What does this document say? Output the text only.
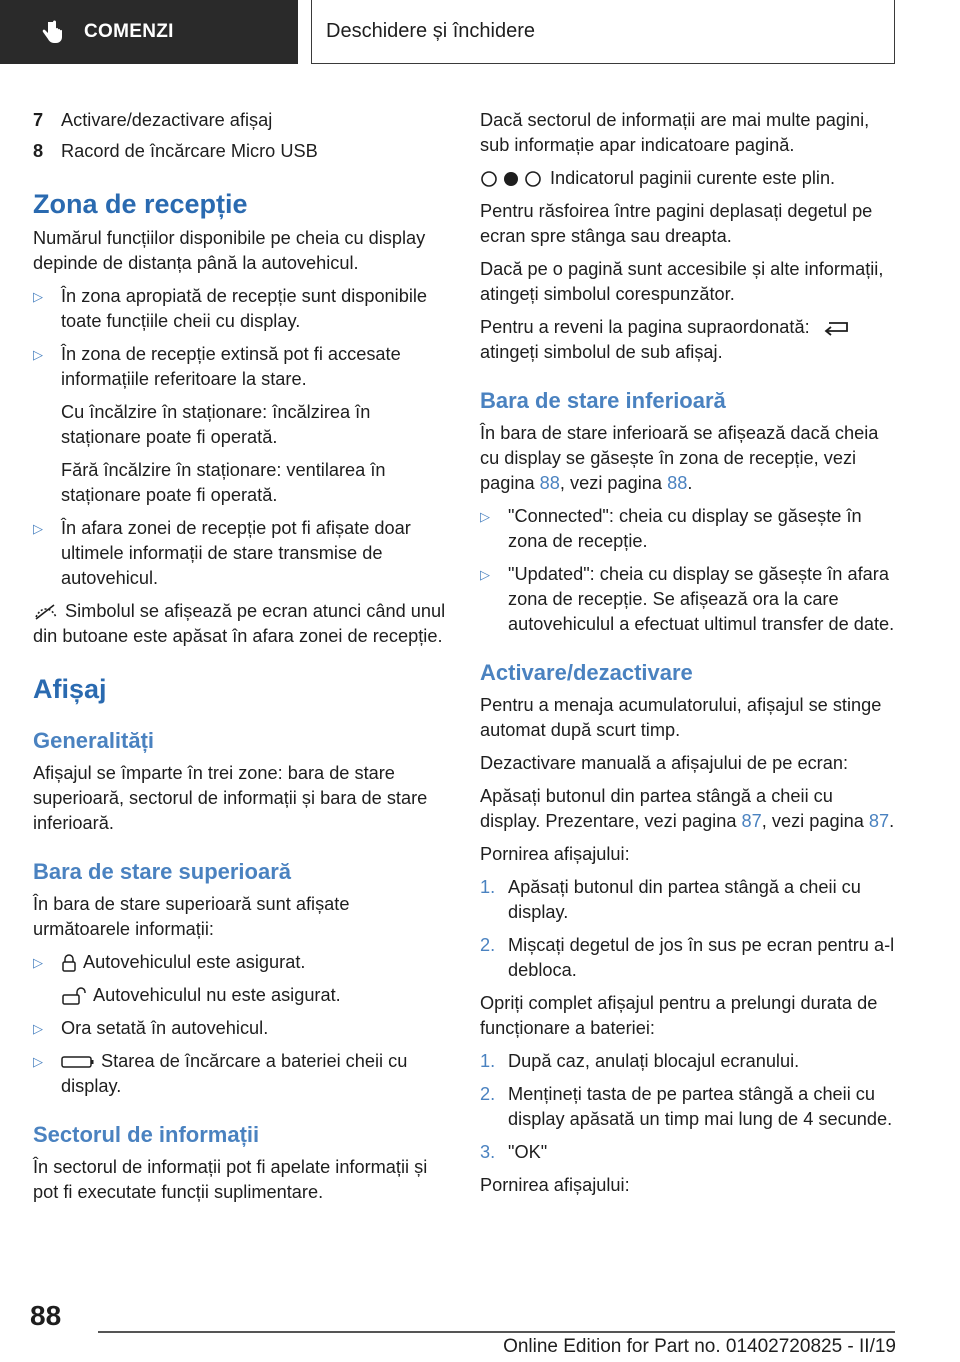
COMENZI	Deschidere și închidere
7 Activare/dezactivare afișaj
8 Racord de încărcare Micro USB
Zona de recepție
Numărul funcțiilor disponibile pe cheia cu display depinde de distanța până la autovehicul.
▷ În zona apropiată de recepție sunt disponibile toate funcțiile cheii cu display.
▷ În zona de recepție extinsă pot fi accesate informațiile referitoare la stare.
Cu încălzire în staționare: încălzirea în staționare poate fi operată.
Fără încălzire în staționare: ventilarea în staționare poate fi operată.
▷ În afara zonei de recepție pot fi afișate doar ultimele informații de stare transmise de autovehicul.
Simbolul se afișează pe ecran atunci când unul din butoane este apăsat în afara zonei de recepție.
Afișaj
Generalități
Afișajul se împarte în trei zone: bara de stare superioară, sectorul de informații și bara de stare inferioară.
Bara de stare superioară
În bara de stare superioară sunt afișate următoarele informații:
▷	Autovehiculul este asigurat.
Autovehiculul nu este asigurat.
▷ Ora setată în autovehicul.
▷	Starea de încărcare a bateriei cheii cu display.
Sectorul de informații
În sectorul de informații pot fi apelate informații și pot fi executate funcții suplimentare.
Dacă sectorul de informații are mai multe pagini, sub informație apar indicatoare pagină.
Indicatorul paginii curente este plin.
Pentru răsfoirea între pagini deplasați degetul pe ecran spre stânga sau dreapta.
Dacă pe o pagină sunt accesibile și alte informații, atingeți simbolul corespunzător.
Pentru a reveni la pagina supraordonată:
atingeți simbolul de sub afișaj.
Bara de stare inferioară
În bara de stare inferioară se afișează dacă cheia cu display se găsește în zona de recepție, vezi pagina 88, vezi pagina 88.
▷ "Connected": cheia cu display se găsește în zona de recepție.
▷ "Updated": cheia cu display se găsește în afara zona de recepție. Se afișează ora la care autovehiculul a efectuat ultimul transfer de date.
Activare/dezactivare
Pentru a menaja acumulatorului, afișajul se stinge automat după scurt timp.
Dezactivare manuală a afișajului de pe ecran:
Apăsați butonul din partea stângă a cheii cu display. Prezentare, vezi pagina 87, vezi pagina 87.
Pornirea afișajului:
1. Apăsați butonul din partea stângă a cheii cu display.
2. Mișcați degetul de jos în sus pe ecran pentru a-l debloca.
Opriți complet afișajul pentru a prelungi durata de funcționare a bateriei:
1. După caz, anulați blocajul ecranului.
2. Mențineți tasta de pe partea stângă a cheii cu display apăsată un timp mai lung de 4 secunde.
3. "OK"
Pornirea afișajului:
88
Online Edition for Part no. 01402720825 - II/19
